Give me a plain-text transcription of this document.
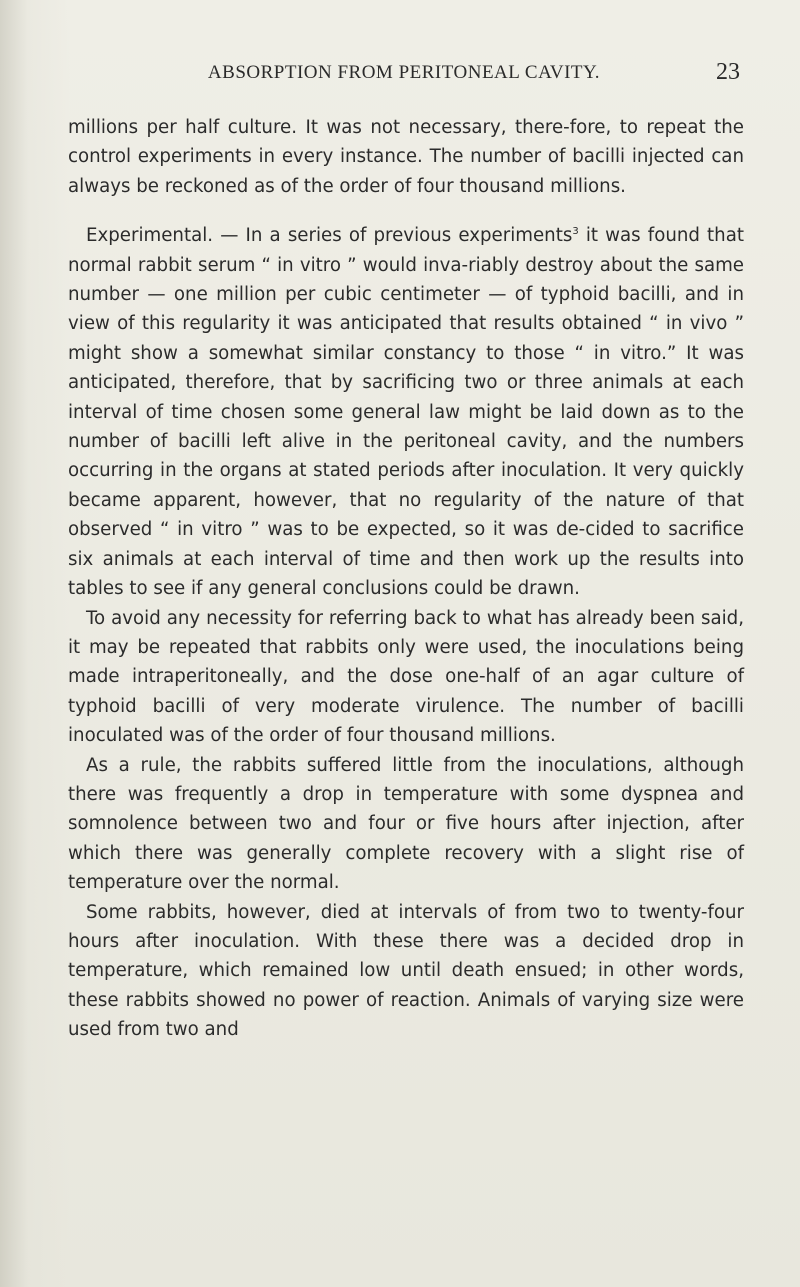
ABSORPTION FROM PERITONEAL CAVITY.	23

millions per half culture. It was not necessary, there-fore, to repeat the control experiments in every instance. The number of bacilli injected can always be reckoned as of the order of four thousand millions.

Experimental. — In a series of previous experiments$^3$ it was found that normal rabbit serum “ in vitro ” would inva-riably destroy about the same number — one million per cubic centimeter — of typhoid bacilli, and in view of this regularity it was anticipated that results obtained “ in vivo ” might show a somewhat similar constancy to those “ in vitro.” It was anticipated, therefore, that by sacrificing two or three animals at each interval of time chosen some general law might be laid down as to the number of bacilli left alive in the peritoneal cavity, and the numbers occurring in the organs at stated periods after inoculation. It very quickly became apparent, however, that no regularity of the nature of that observed “ in vitro ” was to be expected, so it was de-cided to sacrifice six animals at each interval of time and then work up the results into tables to see if any general conclusions could be drawn.

To avoid any necessity for referring back to what has already been said, it may be repeated that rabbits only were used, the inoculations being made intraperitoneally, and the dose one-half of an agar culture of typhoid bacilli of very moderate virulence. The number of bacilli inoculated was of the order of four thousand millions.

As a rule, the rabbits suffered little from the inoculations, although there was frequently a drop in temperature with some dyspnea and somnolence between two and four or five hours after injection, after which there was generally complete recovery with a slight rise of temperature over the normal.

Some rabbits, however, died at intervals of from two to twenty-four hours after inoculation. With these there was a decided drop in temperature, which remained low until death ensued; in other words, these rabbits showed no power of reaction. Animals of varying size were used from two and
